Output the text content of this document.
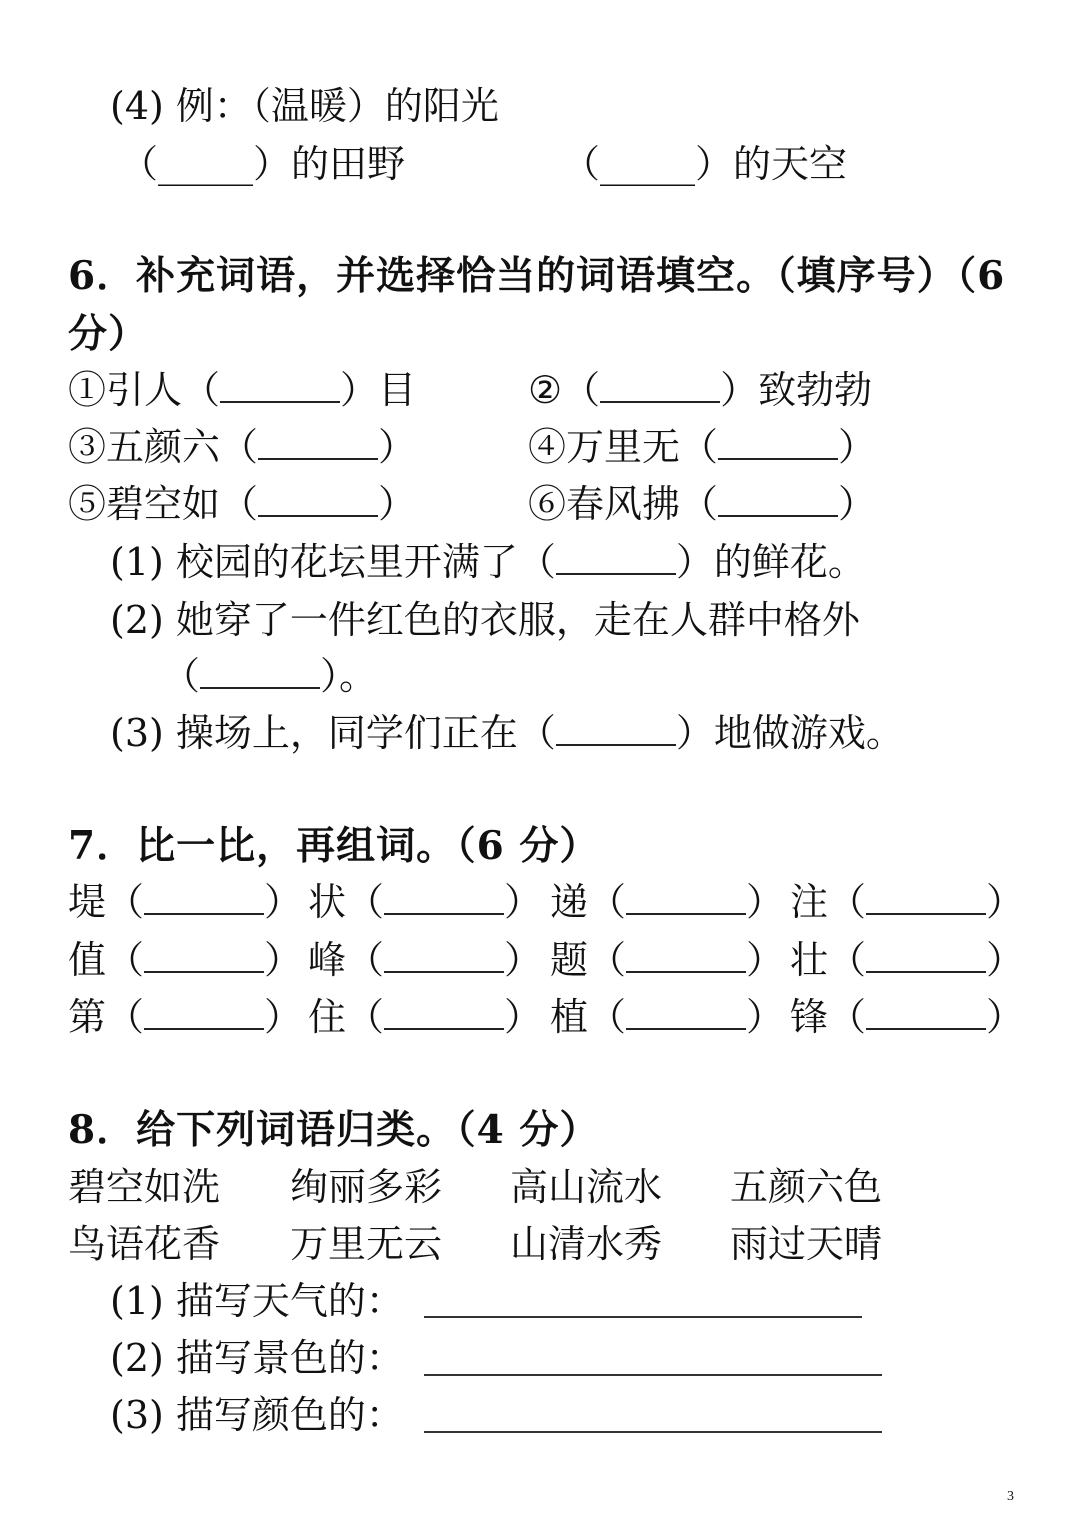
(4) 例：（温暖）的阳光
（_____）的田野	（_____）的天空
6．补充词语，并选择恰当的词语填空。（填序号）（6
分）
①引人（	）目	②（	）致勃勃
③五颜六（	）	④万里无（	）
⑤碧空如（	）	⑥春风拂（	）
(1) 校园的花坛里开满了（	）的鲜花。
(2) 她穿了一件红色的衣服，走在人群中格外
（	）。
(3) 操场上，同学们正在（	）地做游戏。
7．比一比，再组词。（6 分）
堤（	） 状（	） 递（	） 注（	）
值（	） 峰（	） 题（	） 壮（	）
第（	） 住（	） 植（	） 锋（	）
8．给下列词语归类。（4 分）
碧空如洗 绚丽多彩 高山流水 五颜六色
鸟语花香 万里无云 山清水秀 雨过天晴
(1) 描写天气的：
(2) 描写景色的：
(3) 描写颜色的：
3
